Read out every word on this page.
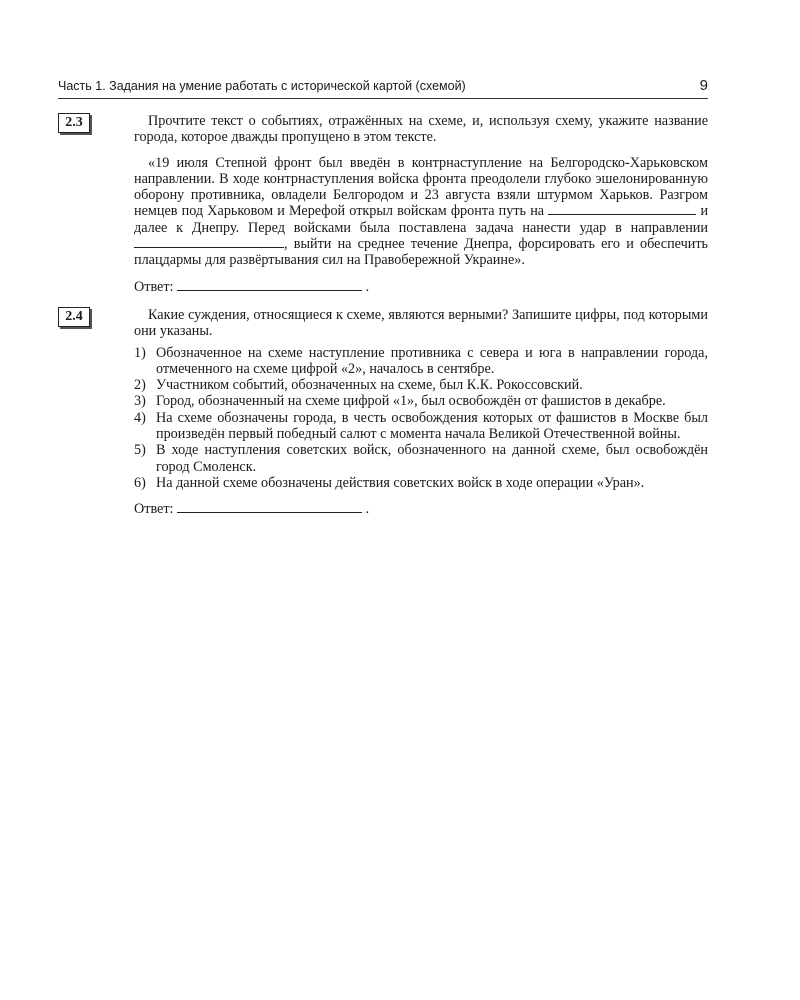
Часть 1. Задания на умение работать с исторической картой (схемой)	9
2.3	Прочтите текст о событиях, отражённых на схеме, и, используя схему, укажите название города, которое дважды пропущено в этом тексте.

«19 июля Степной фронт был введён в контрнаступление на Белгородско-Харьковском направлении. В ходе контрнаступления войска фронта преодолели глубоко эшелонированную оборону противника, овладели Белгородом и 23 августа взяли штурмом Харьков. Разгром немцев под Харьковом и Мерефой открыл войскам фронта путь на	и далее к Днепру. Перед войсками была поставлена задача нанести удар в направлении , выйти на среднее течение Днепра, форсировать его и обеспечить плацдармы для развёртывания сил на Правобережной Украине».

Ответ:	.

2.4	Какие суждения, относящиеся к схеме, являются верными? Запишите цифры, под которыми они указаны.

1) Обозначенное на схеме наступление противника с севера и юга в направлении города, отмеченного на схеме цифрой «2», началось в сентябре.
2) Участником событий, обозначенных на схеме, был К.К. Рокоссовский.
3) Город, обозначенный на схеме цифрой «1», был освобождён от фашистов в декабре.
4) На схеме обозначены города, в честь освобождения которых от фашистов в Москве был произведён первый победный салют с момента начала Великой Отечественной войны.
5) В ходе наступления советских войск, обозначенного на данной схеме, был освобождён город Смоленск.
6) На данной схеме обозначены действия советских войск в ходе операции «Уран».

Ответ:	.
